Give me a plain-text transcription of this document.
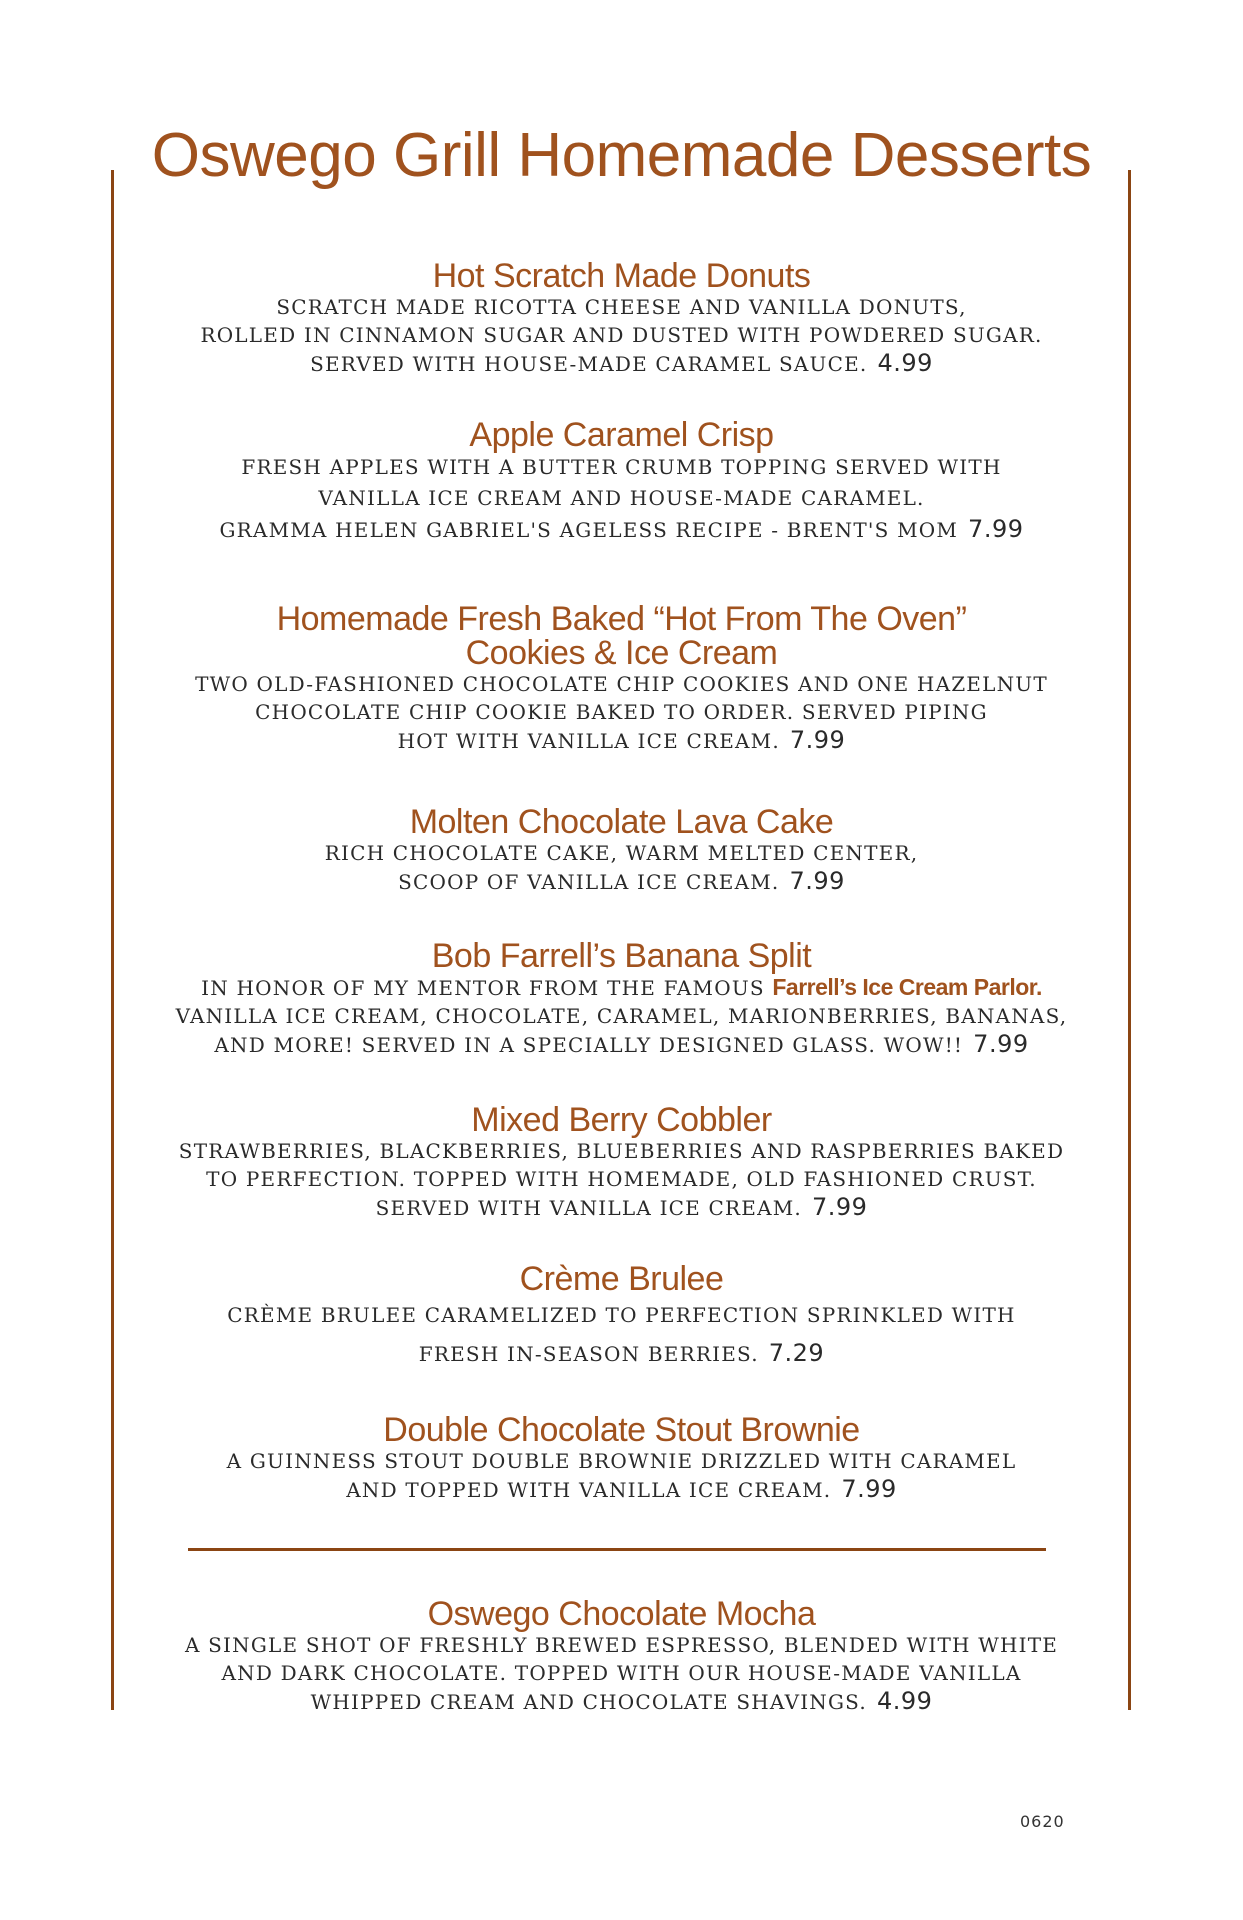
Oswego Grill Homemade Desserts
Hot Scratch Made Donuts
SCRATCH MADE RICOTTA CHEESE AND VANILLA DONUTS,
ROLLED IN CINNAMON SUGAR AND DUSTED WITH POWDERED SUGAR.
SERVED WITH HOUSE-MADE CARAMEL SAUCE. 4.99
Apple Caramel Crisp
FRESH APPLES WITH A BUTTER CRUMB TOPPING SERVED WITH
VANILLA ICE CREAM AND HOUSE-MADE CARAMEL.
GRAMMA HELEN GABRIEL'S AGELESS RECIPE - BRENT'S MOM 7.99
Homemade Fresh Baked “Hot From The Oven”
Cookies & Ice Cream
TWO OLD-FASHIONED CHOCOLATE CHIP COOKIES AND ONE HAZELNUT
CHOCOLATE CHIP COOKIE BAKED TO ORDER. SERVED PIPING
HOT WITH VANILLA ICE CREAM. 7.99
Molten Chocolate Lava Cake
RICH CHOCOLATE CAKE, WARM MELTED CENTER,
SCOOP OF VANILLA ICE CREAM. 7.99
Bob Farrell’s Banana Split
IN HONOR OF MY MENTOR FROM THE FAMOUS Farrell’s Ice Cream Parlor.
VANILLA ICE CREAM, CHOCOLATE, CARAMEL, MARIONBERRIES, BANANAS,
AND MORE! SERVED IN A SPECIALLY DESIGNED GLASS. WOW!! 7.99
Mixed Berry Cobbler
STRAWBERRIES, BLACKBERRIES, BLUEBERRIES AND RASPBERRIES BAKED
TO PERFECTION. TOPPED WITH HOMEMADE, OLD FASHIONED CRUST.
SERVED WITH VANILLA ICE CREAM. 7.99
Crème Brulee
CRÈME BRULEE CARAMELIZED TO PERFECTION SPRINKLED WITH
FRESH IN-SEASON BERRIES. 7.29
Double Chocolate Stout Brownie
A GUINNESS STOUT DOUBLE BROWNIE DRIZZLED WITH CARAMEL
AND TOPPED WITH VANILLA ICE CREAM. 7.99
Oswego Chocolate Mocha
A SINGLE SHOT OF FRESHLY BREWED ESPRESSO, BLENDED WITH WHITE
AND DARK CHOCOLATE. TOPPED WITH OUR HOUSE-MADE VANILLA
WHIPPED CREAM AND CHOCOLATE SHAVINGS. 4.99
0620
